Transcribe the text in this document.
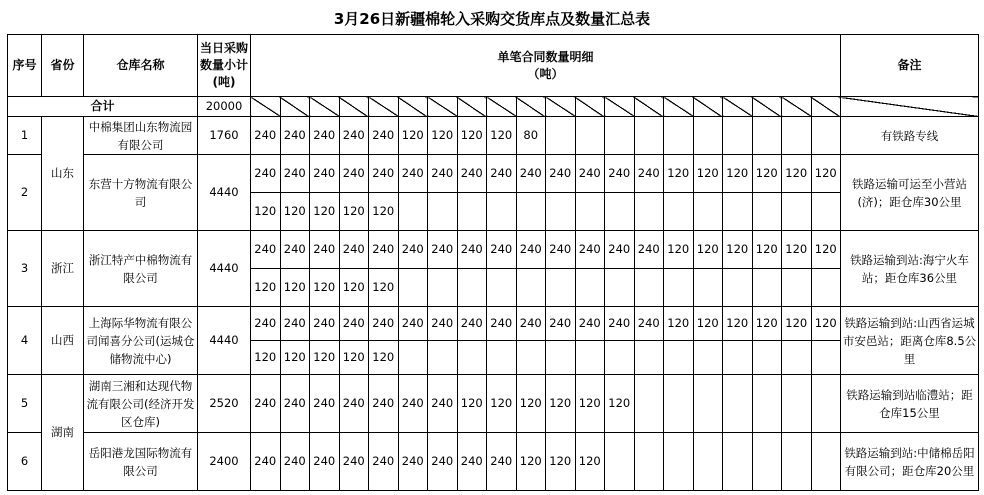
3月26日新疆棉轮入采购交货库点及数量汇总表
序号	省份	仓库名称	当日采购数量小计(吨)	单笔合同数量明细
（吨）																				备注
合计			20000																					
1	山东	中棉集团山东物流园有限公司	1760	240	240	240	240	240	120	120	120	120	80											有铁路专线
2		东营十方物流有限公司	4440	240	240	240	240	240	240	240	240	240	240	240	240	240	240	120	120	120	120	120	120	铁路运输可运至小营站(济)；距仓库30公里
				120	120	120	120	120																
3	浙江	浙江特产中棉物流有限公司	4440	240	240	240	240	240	240	240	240	240	240	240	240	240	240	120	120	120	120	120	120	铁路运输到站:海宁火车站；距仓库36公里
				120	120	120	120	120																
4	山西	上海际华物流有限公司闻喜分公司(运城仓储物流中心)	4440	240	240	240	240	240	240	240	240	240	240	240	240	240	240	120	120	120	120	120	120	铁路运输到站:山西省运城市安邑站；距离仓库8.5公里
				120	120	120	120	120																
5	湖南	湖南三湘和达现代物流有限公司(经济开发区仓库)	2520	240	240	240	240	240	240	240	120	120	120	120	120	120								铁路运输到站临澧站；距仓库15公里
6		岳阳港龙国际物流有限公司	2400	240	240	240	240	240	240	240	240	240	120	120	120									铁路运输到站:中储棉岳阳有限公司；距仓库20公里
